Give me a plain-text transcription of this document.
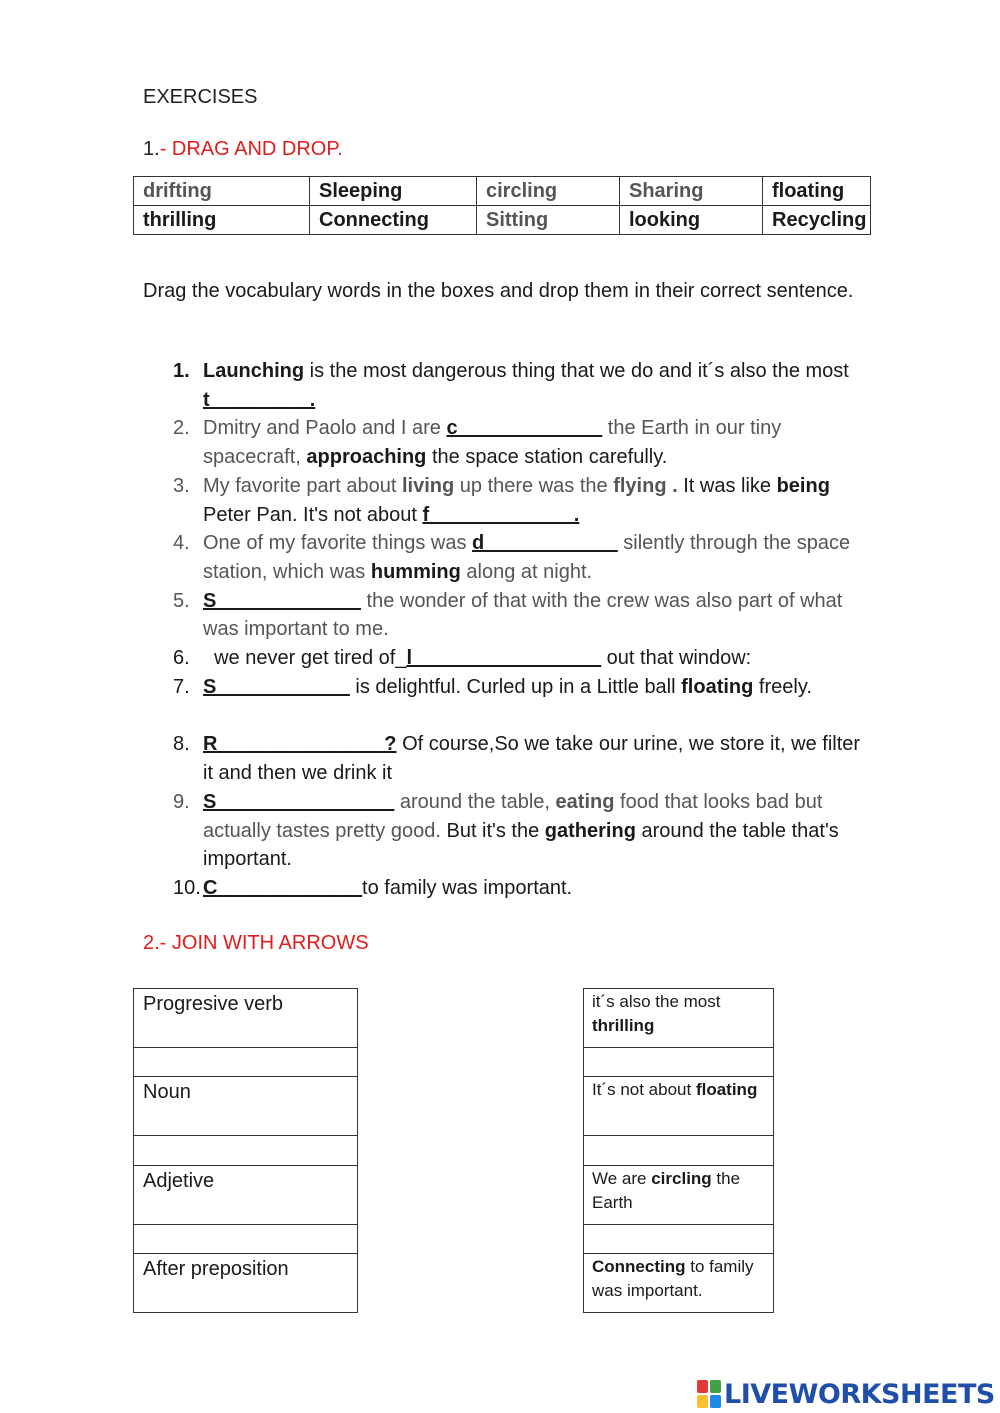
EXERCISES
1.- DRAG AND DROP.
drifting	Sleeping	circling	Sharing	floating
thrilling	Connecting	Sitting	looking	Recycling
Drag the vocabulary words in the boxes and drop them in their correct sentence.
1. Launching is the most dangerous thing that we do and it´s also the most t_________.
2. Dmitry and Paolo and I are c_____________ the Earth in our tiny spacecraft, approaching the space station carefully.
3. My favorite part about living up there was the flying . It was like being Peter Pan. It's not about f_____________.
4. One of my favorite things was d____________ silently through the space station, which was humming along at night.
5. S_____________ the wonder of that with the crew was also part of what was important to me.
6. we never get tired of_l_________________ out that window:
7. S____________ is delightful. Curled up in a Little ball floating freely.
8. R_______________? Of course,So we take our urine, we store it, we filter it and then we drink it
9. S________________ around the table, eating food that looks bad but actually tastes pretty good. But it's the gathering around the table that's important.
10. C_____________to family was important.
2.- JOIN WITH ARROWS
Progresive verb
Noun
Adjetive
After preposition
it´s also the most thrilling
It´s not about floating
We are circling the Earth
Connecting to family was important.
LIVEWORKSHEETS
